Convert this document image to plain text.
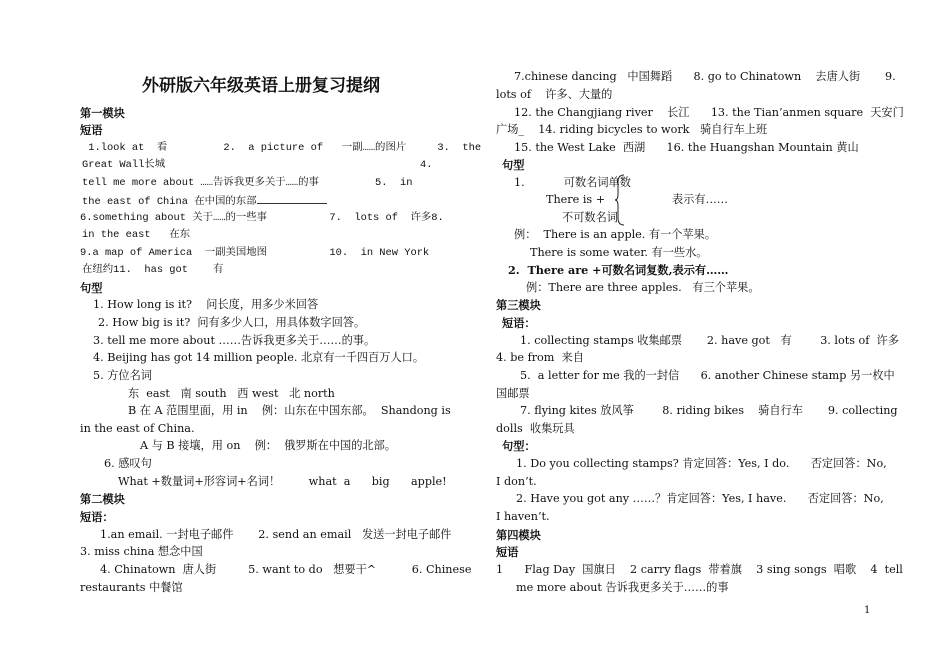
外研版六年级英语上册复习提纲
第一模块
短语
1.look at  看         2.  a picture of   一副……的图片     3.  the
Great Wall长城	4.
tell me more about ……告诉我更多关于……的事         5.  in
the east of China 在中国的东部
6.something about 关于……的一些事          7.  lots of  许多8.
in the east   在东
9.a map of America  一副美国地图          10.  in New York
在纽约11.  has got    有
句型
1. How long is it?    问长度，用多少米回答
2. How big is it?  问有多少人口，用具体数字回答。
3. tell me more about ……告诉我更多关于……的事。
4. Beijing has got 14 million people. 北京有一千四百万人口。
5. 方位名词
东  east   南 south   西 west   北 north
B 在 A 范围里面，用 in    例：山东在中国东部。  Shandong is
in the east of China.
A 与 B 接壤，用 on    例：  俄罗斯在中国的北部。
6. 感叹句
What +数量词+形容词+名词！        what  a      big      apple!
第二模块
短语：
1.an email. 一封电子邮件       2. send an email   发送一封电子邮件
3. miss china 想念中国
4. Chinatown  唐人街         5. want to do   想要干^          6. Chinese
restaurants 中餐馆
7.chinese dancing   中国舞蹈      8. go to Chinatown    去唐人街       9.
lots of    许多、大量的
12. the Changjiang river    长江      13. the Tian’anmen square  天安门
广场_    14. riding bicycles to work   骑自行车上班
15. the West Lake  西湖      16. the Huangshan Mountain 黄山
句型
1.           可数名词单数
There is +	表示有……
不可数名词
例：  There is an apple. 有一个苹果。
There is some water. 有一些水。
2.  There are +可数名词复数,表示有……
例：There are three apples.   有三个苹果。
第三模块
短语：
1. collecting stamps 收集邮票       2. have got   有        3. lots of  许多
4. be from  来自
5.  a letter for me 我的一封信      6. another Chinese stamp 另一枚中
国邮票
7. flying kites 放风筝        8. riding bikes    骑自行车       9. collecting
dolls  收集玩具
句型：
1. Do you collecting stamps? 肯定回答：Yes, I do.      否定回答：No,
I don’t.
2. Have you got any ……？肯定回答：Yes, I have.      否定回答：No,
I haven’t.
第四模块
短语
1      Flag Day  国旗日    2 carry flags  带着旗    3 sing songs  唱歌    4  tell
me more about 告诉我更多关于……的事
1
